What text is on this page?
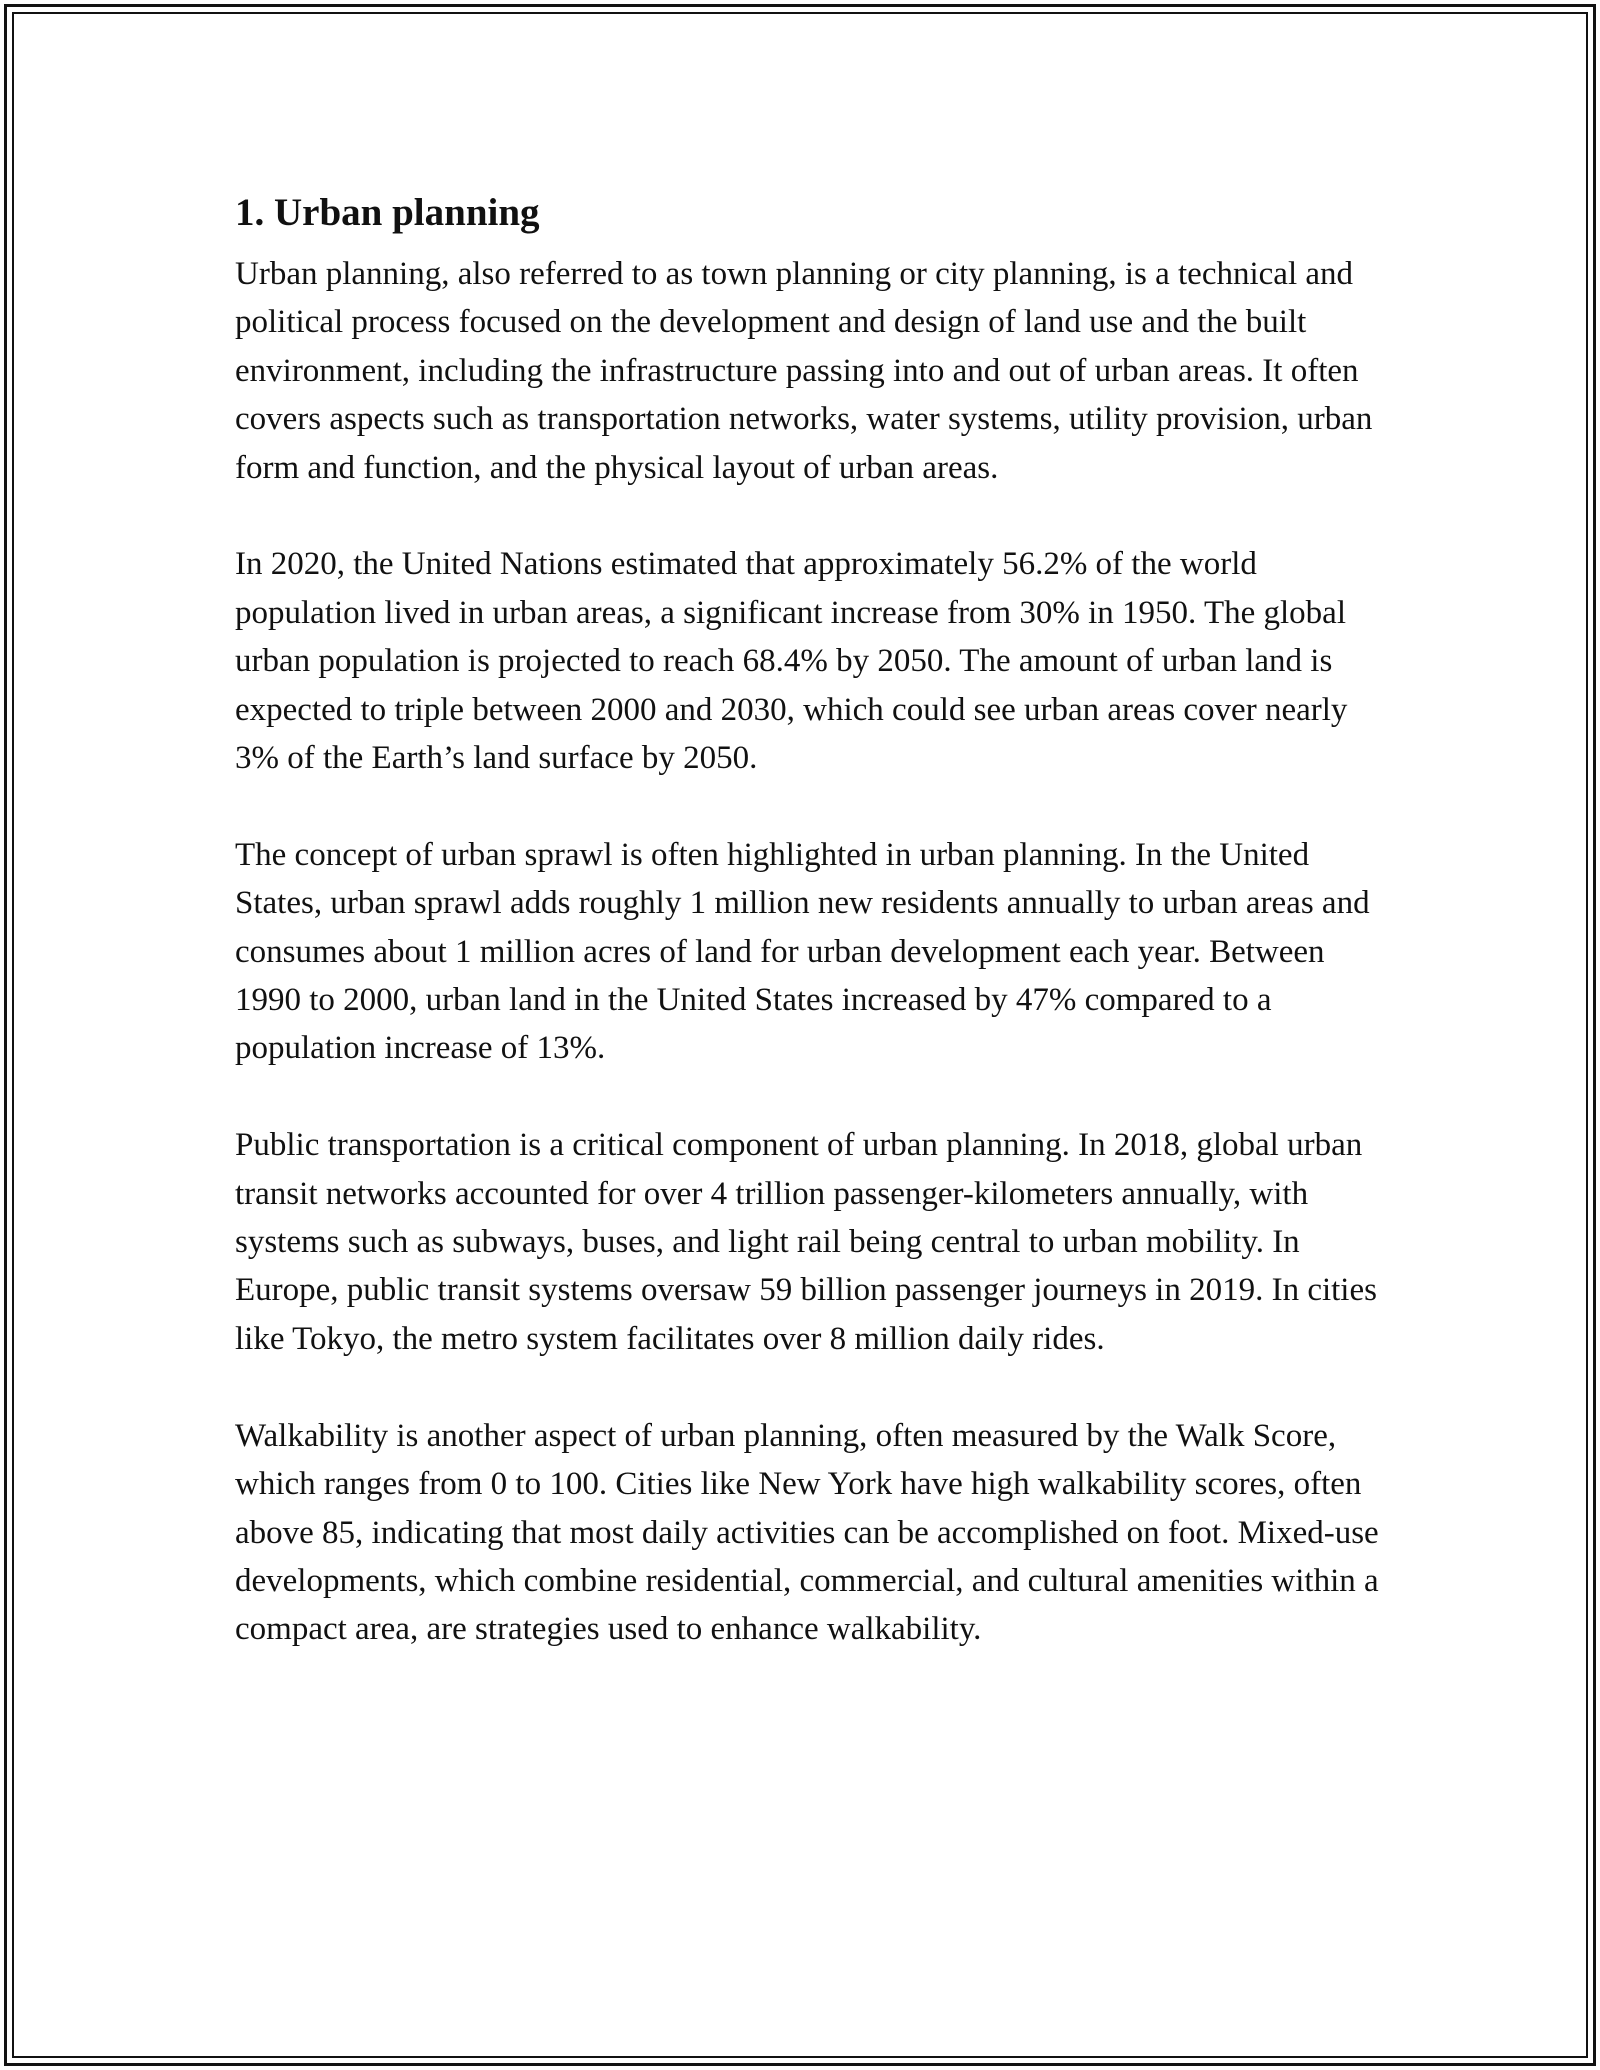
1. Urban planning

Urban planning, also referred to as town planning or city planning, is a technical and political process focused on the development and design of land use and the built environment, including the infrastructure passing into and out of urban areas. It often covers aspects such as transportation networks, water systems, utility provision, urban form and function, and the physical layout of urban areas.

In 2020, the United Nations estimated that approximately 56.2% of the world population lived in urban areas, a significant increase from 30% in 1950. The global urban population is projected to reach 68.4% by 2050. The amount of urban land is expected to triple between 2000 and 2030, which could see urban areas cover nearly 3% of the Earth’s land surface by 2050.

The concept of urban sprawl is often highlighted in urban planning. In the United States, urban sprawl adds roughly 1 million new residents annually to urban areas and consumes about 1 million acres of land for urban development each year. Between 1990 to 2000, urban land in the United States increased by 47% compared to a population increase of 13%.

Public transportation is a critical component of urban planning. In 2018, global urban transit networks accounted for over 4 trillion passenger-kilometers annually, with systems such as subways, buses, and light rail being central to urban mobility. In Europe, public transit systems oversaw 59 billion passenger journeys in 2019. In cities like Tokyo, the metro system facilitates over 8 million daily rides.

Walkability is another aspect of urban planning, often measured by the Walk Score, which ranges from 0 to 100. Cities like New York have high walkability scores, often above 85, indicating that most daily activities can be accomplished on foot. Mixed-use developments, which combine residential, commercial, and cultural amenities within a compact area, are strategies used to enhance walkability.
